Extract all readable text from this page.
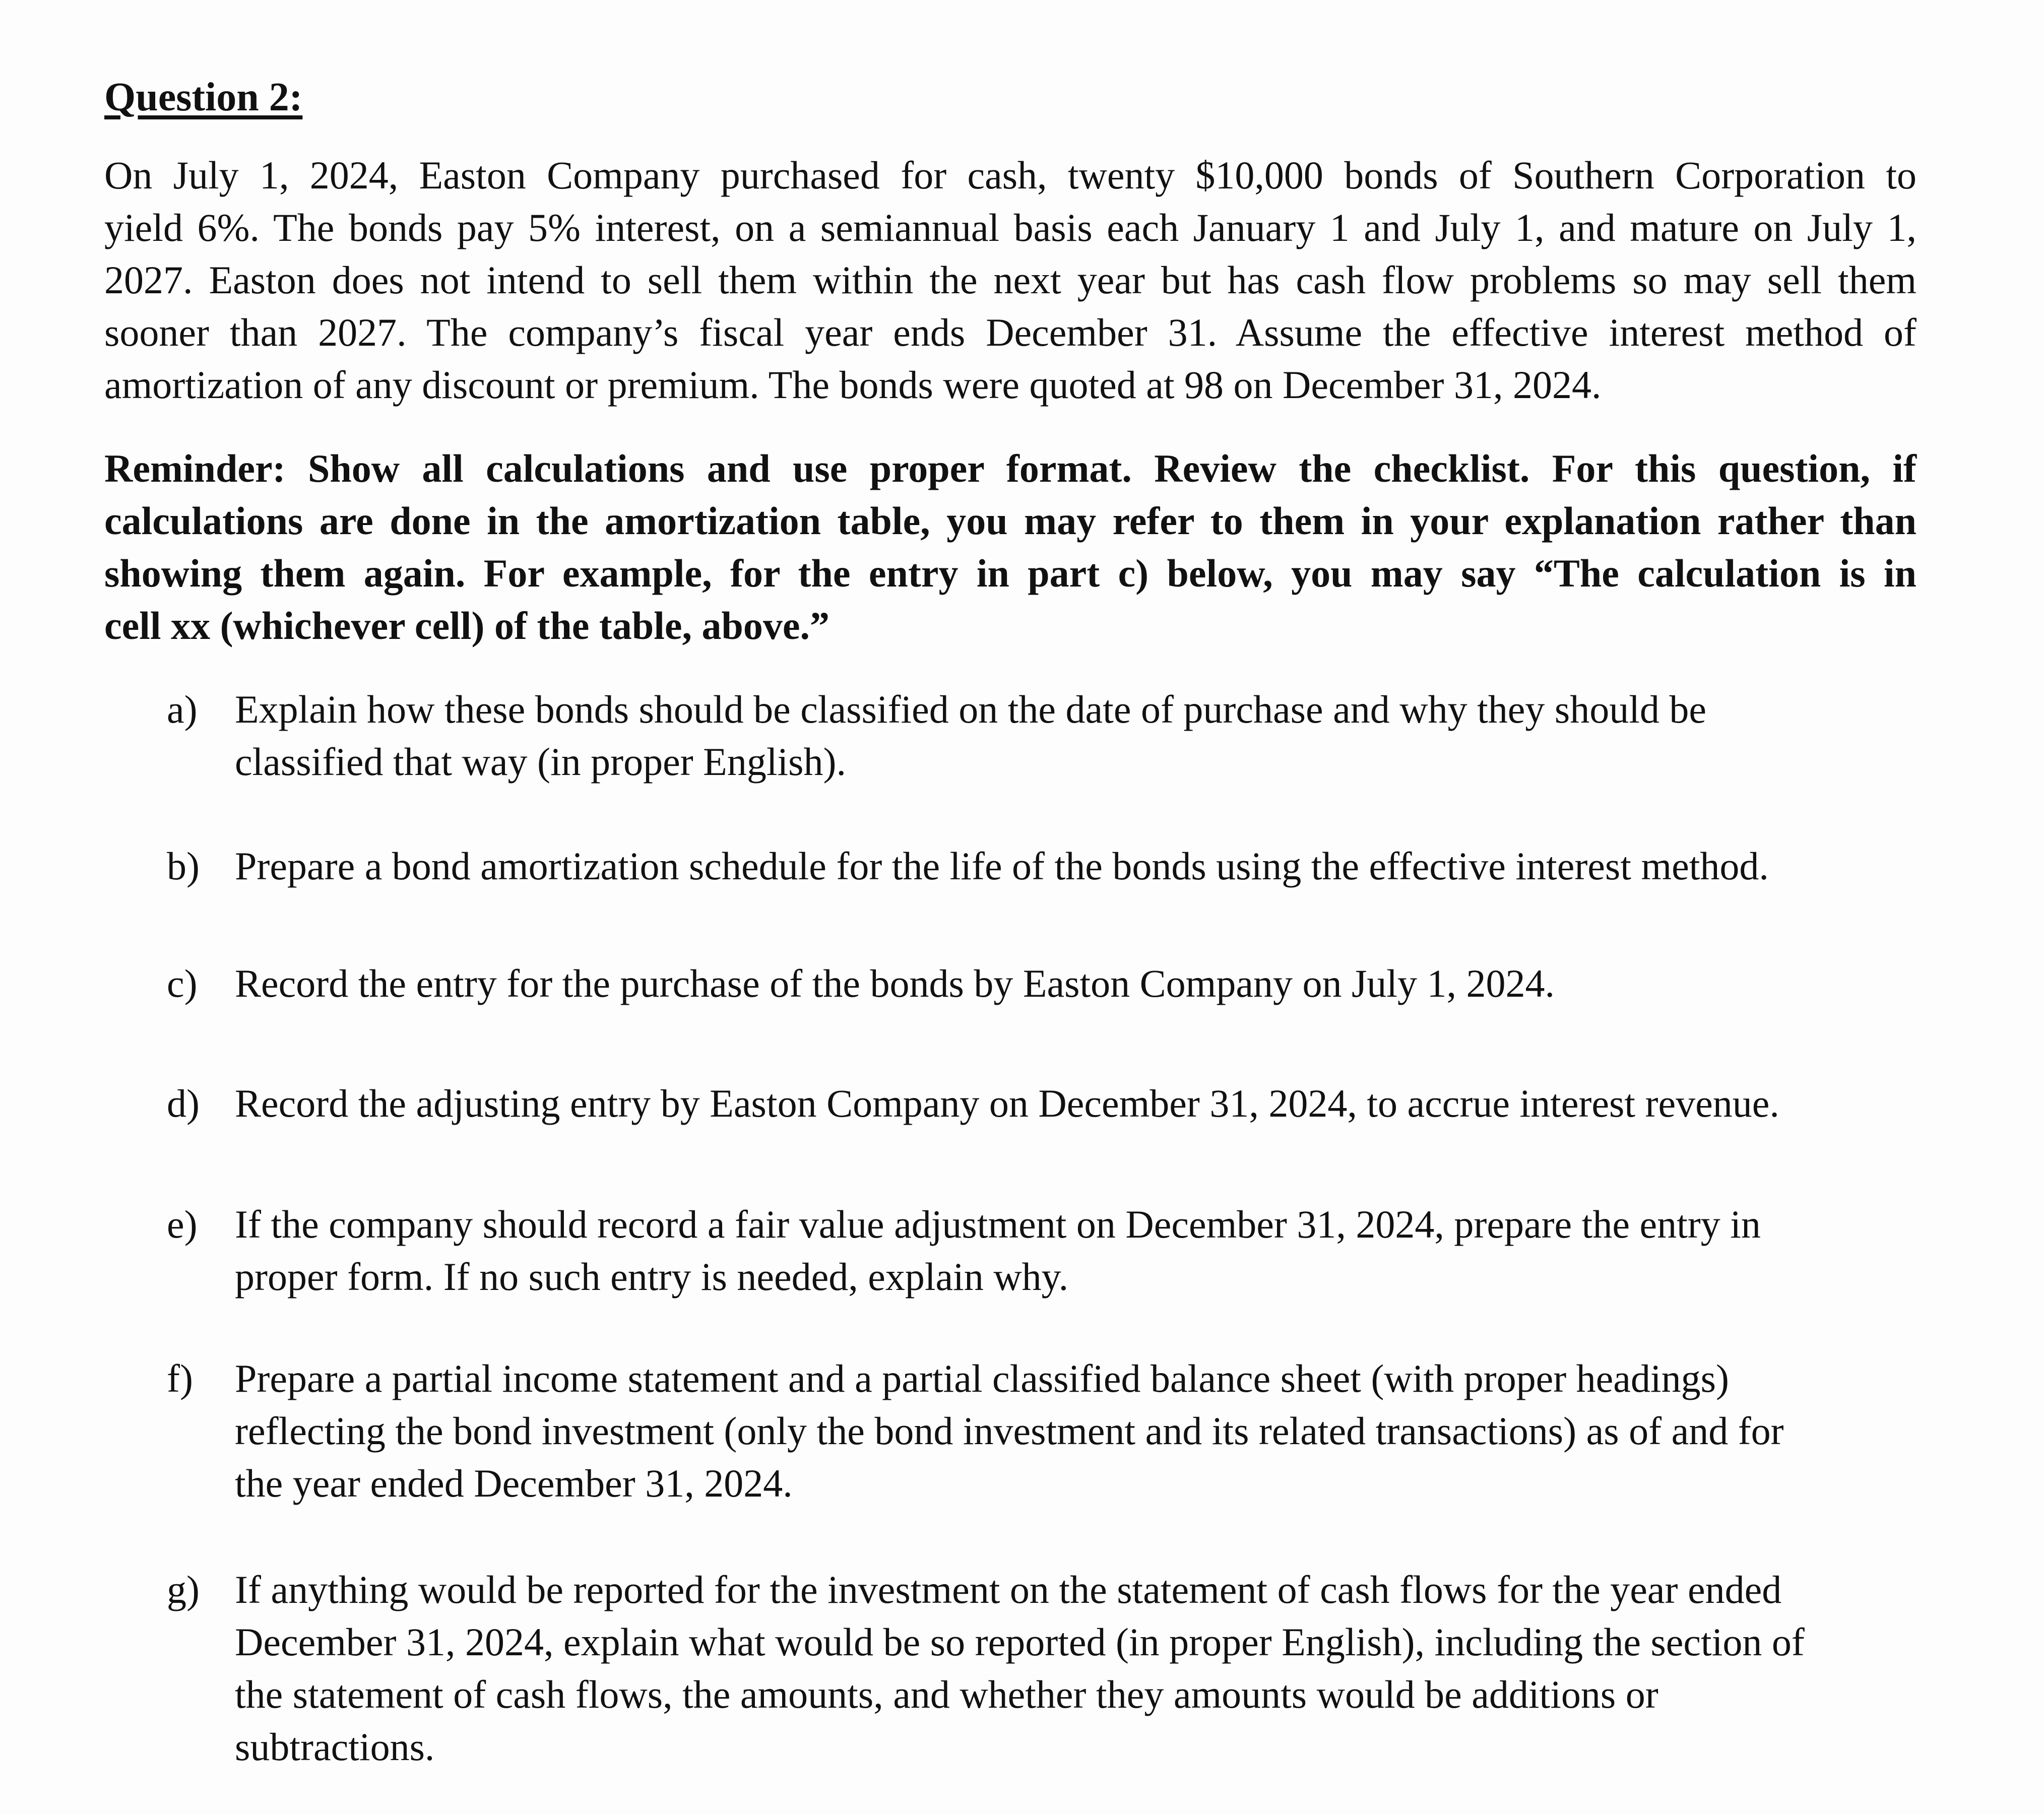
Question 2:
On July 1, 2024, Easton Company purchased for cash, twenty $10,000 bonds of Southern Corporation to
yield 6%. The bonds pay 5% interest, on a semiannual basis each January 1 and July 1, and mature on July 1,
2027. Easton does not intend to sell them within the next year but has cash flow problems so may sell them
sooner than 2027. The company’s fiscal year ends December 31. Assume the effective interest method of
amortization of any discount or premium. The bonds were quoted at 98 on December 31, 2024.
Reminder: Show all calculations and use proper format. Review the checklist. For this question, if
calculations are done in the amortization table, you may refer to them in your explanation rather than
showing them again. For example, for the entry in part c) below, you may say “The calculation is in
cell xx (whichever cell) of the table, above.”
a) Explain how these bonds should be classified on the date of purchase and why they should be
classified that way (in proper English).
b) Prepare a bond amortization schedule for the life of the bonds using the effective interest method.
c) Record the entry for the purchase of the bonds by Easton Company on July 1, 2024.
d) Record the adjusting entry by Easton Company on December 31, 2024, to accrue interest revenue.
e) If the company should record a fair value adjustment on December 31, 2024, prepare the entry in
proper form. If no such entry is needed, explain why.
f) Prepare a partial income statement and a partial classified balance sheet (with proper headings)
reflecting the bond investment (only the bond investment and its related transactions) as of and for
the year ended December 31, 2024.
g) If anything would be reported for the investment on the statement of cash flows for the year ended
December 31, 2024, explain what would be so reported (in proper English), including the section of
the statement of cash flows, the amounts, and whether they amounts would be additions or
subtractions.
